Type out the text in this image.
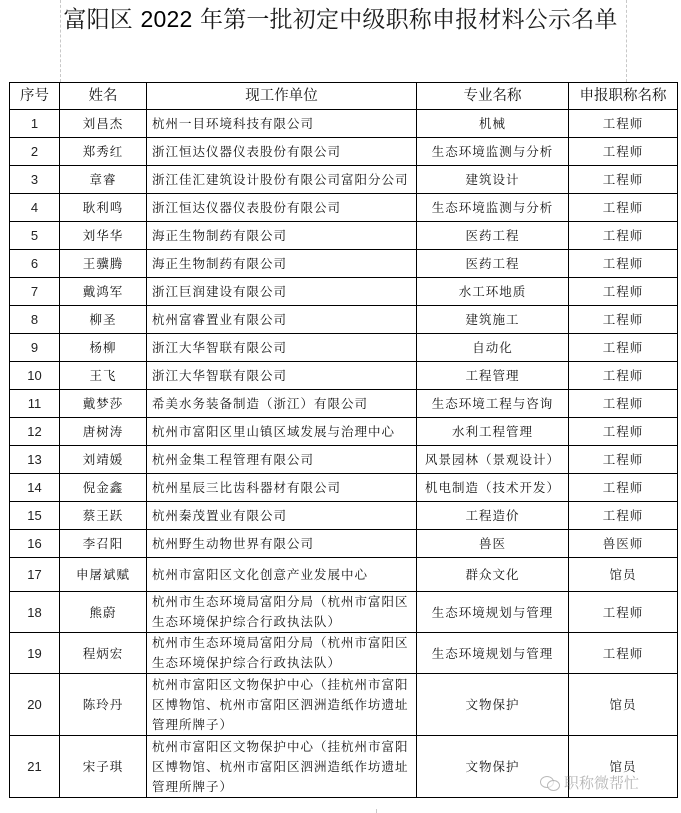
富阳区 2022 年第一批初定中级职称申报材料公示名单
序号	姓名	现工作单位	专业名称	申报职称名称
1	刘昌杰	杭州一目环境科技有限公司	机械	工程师
2	郑秀红	浙江恒达仪器仪表股份有限公司	生态环境监测与分析	工程师
3	章睿	浙江佳汇建筑设计股份有限公司富阳分公司	建筑设计	工程师
4	耿利鸣	浙江恒达仪器仪表股份有限公司	生态环境监测与分析	工程师
5	刘华华	海正生物制药有限公司	医药工程	工程师
6	王骥腾	海正生物制药有限公司	医药工程	工程师
7	戴鸿军	浙江巨润建设有限公司	水工环地质	工程师
8	柳圣	杭州富睿置业有限公司	建筑施工	工程师
9	杨柳	浙江大华智联有限公司	自动化	工程师
10	王飞	浙江大华智联有限公司	工程管理	工程师
11	戴梦莎	希美水务装备制造（浙江）有限公司	生态环境工程与咨询	工程师
12	唐树涛	杭州市富阳区里山镇区域发展与治理中心	水利工程管理	工程师
13	刘靖媛	杭州金集工程管理有限公司	风景园林（景观设计）	工程师
14	倪金鑫	杭州星辰三比齿科器材有限公司	机电制造（技术开发）	工程师
15	蔡王跃	杭州秦茂置业有限公司	工程造价	工程师
16	李召阳	杭州野生动物世界有限公司	兽医	兽医师
17	申屠斌赋	杭州市富阳区文化创意产业发展中心	群众文化	馆员
18	熊蔚	杭州市生态环境局富阳分局（杭州市富阳区生态环境保护综合行政执法队）	生态环境规划与管理	工程师
19	程炳宏	杭州市生态环境局富阳分局（杭州市富阳区生态环境保护综合行政执法队）	生态环境规划与管理	工程师
20	陈玲丹	杭州市富阳区文物保护中心（挂杭州市富阳区博物馆、杭州市富阳区泗洲造纸作坊遗址管理所牌子）	文物保护	馆员
21	宋子琪	杭州市富阳区文物保护中心（挂杭州市富阳区博物馆、杭州市富阳区泗洲造纸作坊遗址管理所牌子）	文物保护	馆员
职称微帮忙
